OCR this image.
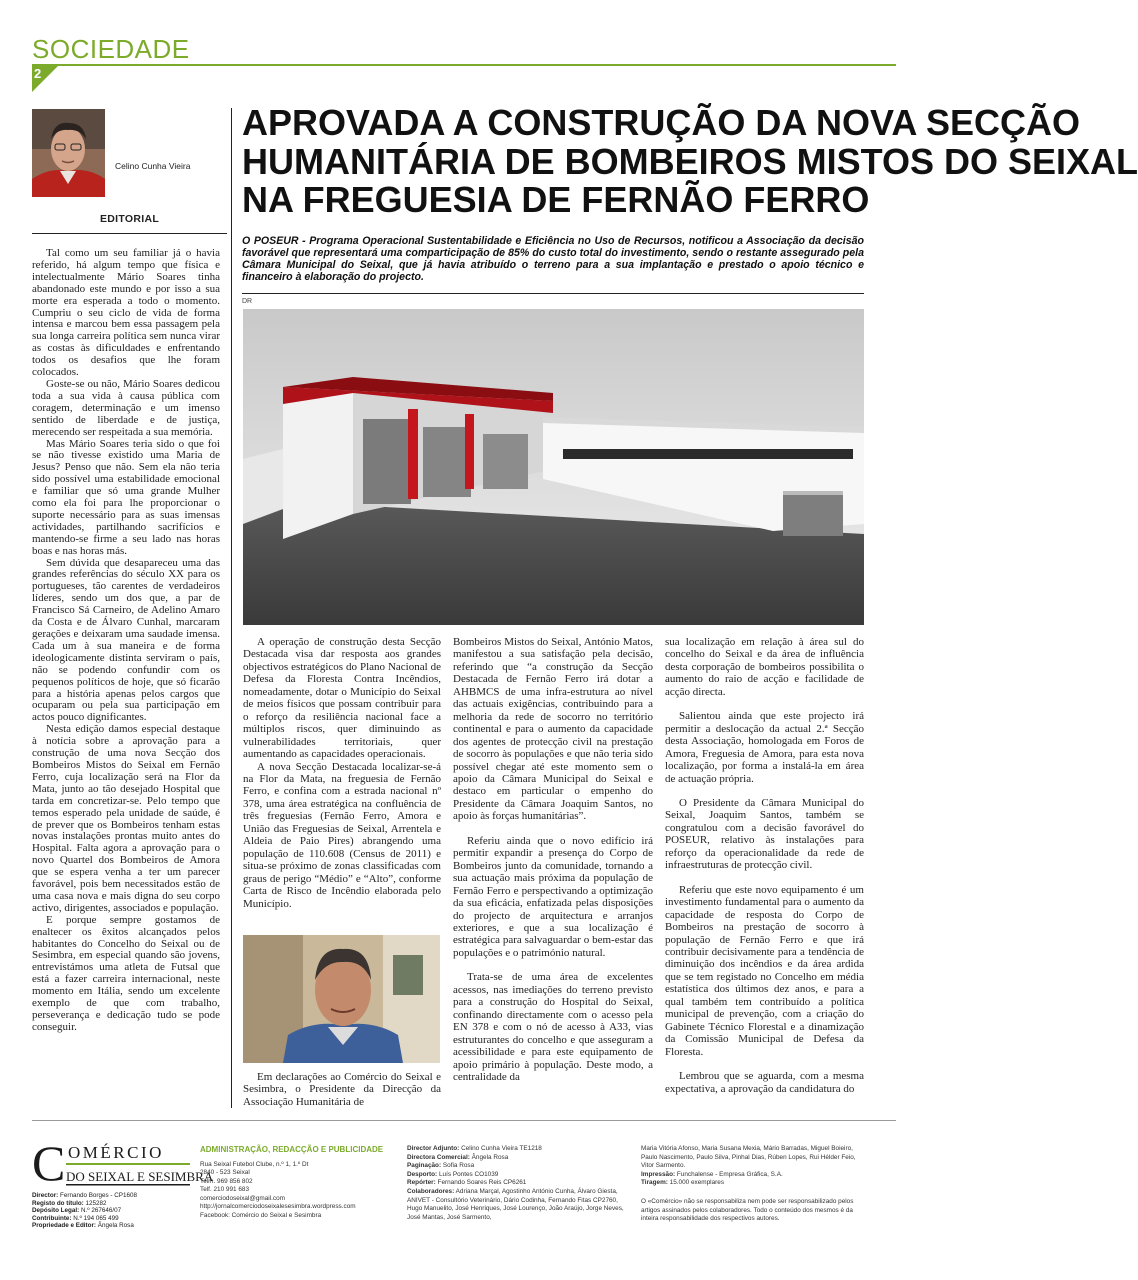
SOCIEDADE
2
Celino Cunha Vieira
EDITORIAL

Tal como um seu familiar já o havia referido, há algum tempo que física e intelectualmente Mário Soares tinha abandonado este mundo e por isso a sua morte era esperada a todo o momento. Cumpriu o seu ciclo de vida de forma intensa e marcou bem essa passagem pela sua longa carreira política sem nunca virar as costas às dificuldades e enfrentando todos os desafios que lhe foram colocados.

Goste-se ou não, Mário Soares dedicou toda a sua vida à causa pública com coragem, determinação e um imenso sentido de liberdade e de justiça, merecendo ser respeitada a sua memória.

Mas Mário Soares teria sido o que foi se não tivesse existido uma Maria de Jesus? Penso que não. Sem ela não teria sido possível uma estabilidade emocional e familiar que só uma grande Mulher como ela foi para lhe proporcionar o suporte necessário para as suas imensas actividades, partilhando sacrifícios e mantendo-se firme a seu lado nas horas boas e nas horas más.

Sem dúvida que desapareceu uma das grandes referências do século XX para os portugueses, tão carentes de verdadeiros líderes, sendo um dos que, a par de Francisco Sá Carneiro, de Adelino Amaro da Costa e de Álvaro Cunhal, marcaram gerações e deixaram uma saudade imensa. Cada um à sua maneira e de forma ideologicamente distinta serviram o país, não se podendo confundir com os pequenos políticos de hoje, que só ficarão para a história apenas pelos cargos que ocuparam ou pela sua participação em actos pouco dignificantes.

Nesta edição damos especial destaque à notícia sobre a aprovação para a construção de uma nova Secção dos Bombeiros Mistos do Seixal em Fernão Ferro, cuja localização será na Flor da Mata, junto ao tão desejado Hospital que tarda em concretizar-se. Pelo tempo que temos esperado pela unidade de saúde, é de prever que os Bombeiros tenham estas novas instalações prontas muito antes do Hospital. Falta agora a aprovação para o novo Quartel dos Bombeiros de Amora que se espera venha a ter um parecer favorável, pois bem necessitados estão de uma casa nova e mais digna do seu corpo activo, dirigentes, associados e população.

E porque sempre gostamos de enaltecer os êxitos alcançados pelos habitantes do Concelho do Seixal ou de Sesimbra, em especial quando são jovens, entrevistámos uma atleta de Futsal que está a fazer carreira internacional, neste momento em Itália, sendo um excelente exemplo de que com trabalho, perseverança e dedicação tudo se pode conseguir.

APROVADA A CONSTRUÇÃO DA NOVA SECÇÃO
HUMANITÁRIA DE BOMBEIROS MISTOS DO SEIXAL
NA FREGUESIA DE FERNÃO FERRO
O POSEUR - Programa Operacional Sustentabilidade e Eficiência no Uso de Recursos, notificou a Associação da decisão favorável que representará uma comparticipação de 85% do custo total do investimento, sendo o restante assegurado pela Câmara Municipal do Seixal, que já havia atribuído o terreno para a sua implantação e prestado o apoio técnico e financeiro à elaboração do projecto.
DR

A operação de construção desta Secção Destacada visa dar resposta aos grandes objectivos estratégicos do Plano Nacional de Defesa da Floresta Contra Incêndios, nomeadamente, dotar o Município do Seixal de meios físicos que possam contribuir para o reforço da resiliência nacional face a múltiplos riscos, quer diminuindo as vulnerabilidades territoriais, quer aumentando as capacidades operacionais.

A nova Secção Destacada localizar-se-á na Flor da Mata, na freguesia de Fernão Ferro, e confina com a estrada nacional nº 378, uma área estratégica na confluência de três freguesias (Fernão Ferro, Amora e União das Freguesias de Seixal, Arrentela e Aldeia de Paio Pires) abrangendo uma população de 110.608 (Census de 2011) e situa-se próximo de zonas classificadas com graus de perigo “Médio” e “Alto”, conforme Carta de Risco de Incêndio elaborada pelo Município.

Em declarações ao Comércio do Seixal e Sesimbra, o Presidente da Direcção da Associação Humanitária de

Bombeiros Mistos do Seixal, António Matos, manifestou a sua satisfação pela decisão, referindo que “a construção da Secção Destacada de Fernão Ferro irá dotar a AHBMCS de uma infra-estrutura ao nível das actuais exigências, contribuindo para a melhoria da rede de socorro no território continental e para o aumento da capacidade dos agentes de protecção civil na prestação de socorro às populações e que não teria sido possível chegar até este momento sem o apoio da Câmara Municipal do Seixal e destaco em particular o empenho do Presidente da Câmara Joaquim Santos, no apoio às forças humanitárias”.

Referiu ainda que o novo edifício irá permitir expandir a presença do Corpo de Bombeiros junto da comunidade, tornando a sua actuação mais próxima da população de Fernão Ferro e perspectivando a optimização da sua eficácia, enfatizada pelas disposições do projecto de arquitectura e arranjos exteriores, e que a sua localização é estratégica para salvaguardar o bem-estar das populações e o património natural.

Trata-se de uma área de excelentes acessos, nas imediações do terreno previsto para a construção do Hospital do Seixal, confinando directamente com o acesso pela EN 378 e com o nó de acesso à A33, vias estruturantes do concelho e que asseguram a acessibilidade e para este equipamento de apoio primário à população. Deste modo, a centralidade da

sua localização em relação à área sul do concelho do Seixal e da área de influência desta corporação de bombeiros possibilita o aumento do raio de acção e facilidade de acção directa.

Salientou ainda que este projecto irá permitir a deslocação da actual 2.ª Secção desta Associação, homologada em Foros de Amora, Freguesia de Amora, para esta nova localização, por forma a instalá-la em área de actuação própria.

O Presidente da Câmara Municipal do Seixal, Joaquim Santos, também se congratulou com a decisão favorável do POSEUR, relativo às instalações para reforço da operacionalidade da rede de infraestruturas de protecção civil.

Referiu que este novo equipamento é um investimento fundamental para o aumento da capacidade de resposta do Corpo de Bombeiros na prestação de socorro à população de Fernão Ferro e que irá contribuir decisivamente para a tendência de diminuição dos incêndios e da área ardida que se tem registado no Concelho em média estatística dos últimos dez anos, e para a qual também tem contribuído a política municipal de prevenção, com a criação do Gabinete Técnico Florestal e a dinamização da Comissão Municipal de Defesa da Floresta.

Lembrou que se aguarda, com a mesma expectativa, a aprovação da candidatura do

C OMÉRCIO
DO SEIXAL E SESIMBRA
Director: Fernando Borges - CP1608
Registo do título: 125282
Depósito Legal: N.º 267646/07
Contribuinte: N.º 194 065 499
Propriedade e Editor: Ângela Rosa
ADMINISTRAÇÃO, REDACÇÃO E PUBLICIDADE
Rua Seixal Futebol Clube, n.º 1, 1.º Dt
2840 - 523 Seixal
Telm. 969 856 802
Telf. 210 991 683
comerciodoseixal@gmail.com
http://jornalcomerciodoseixalesesimbra.wordpress.com
Facebook: Comércio do Seixal e Sesimbra
Director Adjunto: Celino Cunha Vieira TE1218
Directora Comercial: Ângela Rosa
Paginação: Sofia Rosa
Desporto: Luís Pontes CO1039
Repórter: Fernando Soares Reis CP6261
Colaboradores: Adriana Marçal, Agostinho António Cunha, Álvaro Giesta, ANIVET - Consultório Veterinário, Dário Codinha, Fernando Fitas CP2760, Hugo Manuelito, José Henriques, José Lourenço, João Araújo, Jorge Neves, José Mantas, José Sarmento,
Maria Vitória Afonso, Maria Susana Mexia, Mário Barradas, Miguel Boieiro, Paulo Nascimento, Paulo Silva, Pinhal Dias, Rúben Lopes, Rui Hélder Feio, Vitor Sarmento.
Impressão: Funchalense - Empresa Gráfica, S.A.
Tiragem: 15.000 exemplares
O «Comércio» não se responsabiliza nem pode ser responsabilizado pelos artigos assinados pelos colaboradores. Todo o conteúdo dos mesmos é da inteira responsabilidade dos respectivos autores.
